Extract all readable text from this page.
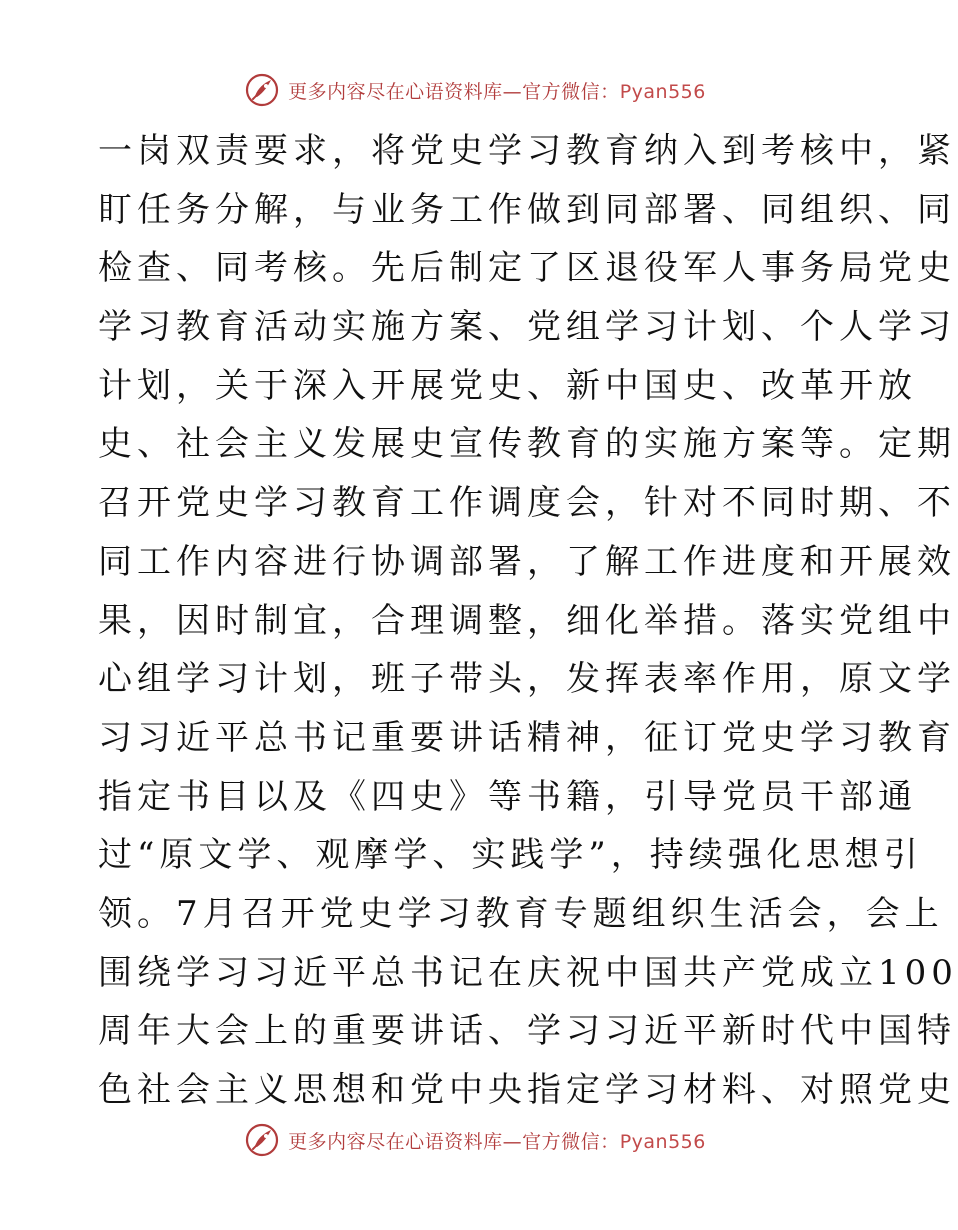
更多内容尽在心语资料库—官方微信：Pyan556
一岗双责要求，将党史学习教育纳入到考核中，紧
盯任务分解，与业务工作做到同部署、同组织、同
检查、同考核。先后制定了区退役军人事务局党史
学习教育活动实施方案、党组学习计划、个人学习
计划，关于深入开展党史、新中国史、改革开放
史、社会主义发展史宣传教育的实施方案等。定期
召开党史学习教育工作调度会，针对不同时期、不
同工作内容进行协调部署，了解工作进度和开展效
果，因时制宜，合理调整，细化举措。落实党组中
心组学习计划，班子带头，发挥表率作用，原文学
习习近平总书记重要讲话精神，征订党史学习教育
指定书目以及《四史》等书籍，引导党员干部通
过“原文学、观摩学、实践学”，持续强化思想引
领。7月召开党史学习教育专题组织生活会，会上
围绕学习习近平总书记在庆祝中国共产党成立100
周年大会上的重要讲话、学习习近平新时代中国特
色社会主义思想和党中央指定学习材料、对照党史
更多内容尽在心语资料库—官方微信：Pyan556
